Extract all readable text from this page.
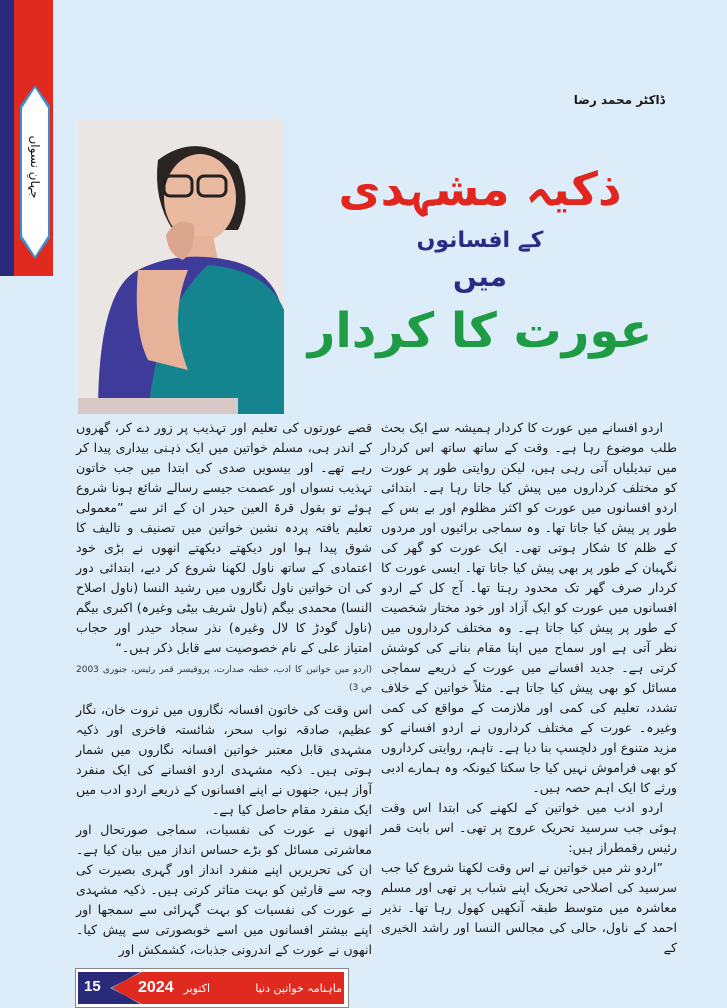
جہانِ نسواں
ڈاکٹر محمد رضا
ذکیہ مشہدی
کے افسانوں
میں
عورت کا کردار

اردو افسانے میں عورت کا کردار ہمیشہ سے ایک بحث طلب موضوع رہا ہے۔ وقت کے ساتھ ساتھ اس کردار میں تبدیلیاں آتی رہی ہیں، لیکن روایتی طور پر عورت کو مختلف کرداروں میں پیش کیا جاتا رہا ہے۔ ابتدائی اردو افسانوں میں عورت کو اکثر مظلوم اور بے بس کے طور پر پیش کیا جاتا تھا۔ وہ سماجی برائیوں اور مردوں کے ظلم کا شکار ہوتی تھی۔ ایک عورت کو گھر کی نگہبان کے طور پر بھی پیش کیا جاتا تھا۔ ایسی عورت کا کردار صرف گھر تک محدود رہتا تھا۔ آج کل کے اردو افسانوں میں عورت کو ایک آزاد اور خود مختار شخصیت کے طور پر پیش کیا جاتا ہے۔ وہ مختلف کرداروں میں نظر آتی ہے اور سماج میں اپنا مقام بنانے کی کوشش کرتی ہے۔ جدید افسانے میں عورت کے ذریعے سماجی مسائل کو بھی پیش کیا جاتا ہے۔ مثلاً خواتین کے خلاف تشدد، تعلیم کی کمی اور ملازمت کے مواقع کی کمی وغیرہ۔ عورت کے مختلف کرداروں نے اردو افسانے کو مزید متنوع اور دلچسپ بنا دیا ہے۔ تاہم، روایتی کرداروں کو بھی فراموش نہیں کیا جا سکتا کیونکہ وہ ہمارے ادبی ورثے کا ایک اہم حصہ ہیں۔

اردو ادب میں خواتین کے لکھنے کی ابتدا اس وقت ہوئی جب سرسید تحریک عروج پر تھی۔ اس بابت قمر رئیس رقمطراز ہیں:

”اردو نثر میں خواتین نے اس وقت لکھنا شروع کیا جب سرسید کی اصلاحی تحریک اپنے شباب پر تھی اور مسلم معاشرہ میں متوسط طبقہ آنکھیں کھول رہا تھا۔ نذیر احمد کے ناول، حالی کی مجالس النسا اور راشد الخیری کے

قصے عورتوں کی تعلیم اور تہذیب پر زور دے کر، گھروں کے اندر ہی، مسلم خواتین میں ایک ذہنی بیداری پیدا کر رہے تھے۔ اور بیسویں صدی کی ابتدا میں جب خاتون تہذیب نسواں اور عصمت جیسے رسالے شائع ہونا شروع ہوئے تو بقول قرۃ العین حیدر ان کے اثر سے ”معمولی تعلیم یافتہ پردہ نشین خواتین میں تصنیف و تالیف کا شوق پیدا ہوا اور دیکھتے دیکھتے انھوں نے بڑی خود اعتمادی کے ساتھ ناول لکھنا شروع کر دیے، ابتدائی دور کی ان خواتین ناول نگاروں میں رشید النسا (ناول اصلاح النسا) محمدی بیگم (ناول شریف بیٹی وغیرہ) اکبری بیگم (ناول گودڑ کا لال وغیرہ) نذر سجاد حیدر اور حجاب امتیاز علی کے نام خصوصیت سے قابل ذکر ہیں۔“

(اردو میں خواتین کا ادب، خطبہ صدارت، پروفیسر قمر رئیس، جنوری 2003 ص 3)

اس وقت کی خاتون افسانہ نگاروں میں ثروت خان، نگار عظیم، صادقہ نواب سحر، شائستہ فاخری اور ذکیہ مشہدی قابل معتبر خواتین افسانہ نگاروں میں شمار ہوتی ہیں۔ ذکیہ مشہدی اردو افسانے کی ایک منفرد آواز ہیں، جنھوں نے اپنے افسانوں کے ذریعے اردو ادب میں ایک منفرد مقام حاصل کیا ہے۔

انھوں نے عورت کی نفسیات، سماجی صورتحال اور معاشرتی مسائل کو بڑے حساس انداز میں بیان کیا ہے۔ ان کی تحریریں اپنے منفرد انداز اور گہری بصیرت کی وجہ سے قارئین کو بہت متاثر کرتی ہیں۔ ذکیہ مشہدی نے عورت کی نفسیات کو بہت گہرائی سے سمجھا اور اپنے بیشتر افسانوں میں اسے خوبصورتی سے پیش کیا۔ انھوں نے عورت کے اندرونی جذبات، کشمکش اور

15 2024 اکتوبر	ماہنامہ خواتین دنیا
